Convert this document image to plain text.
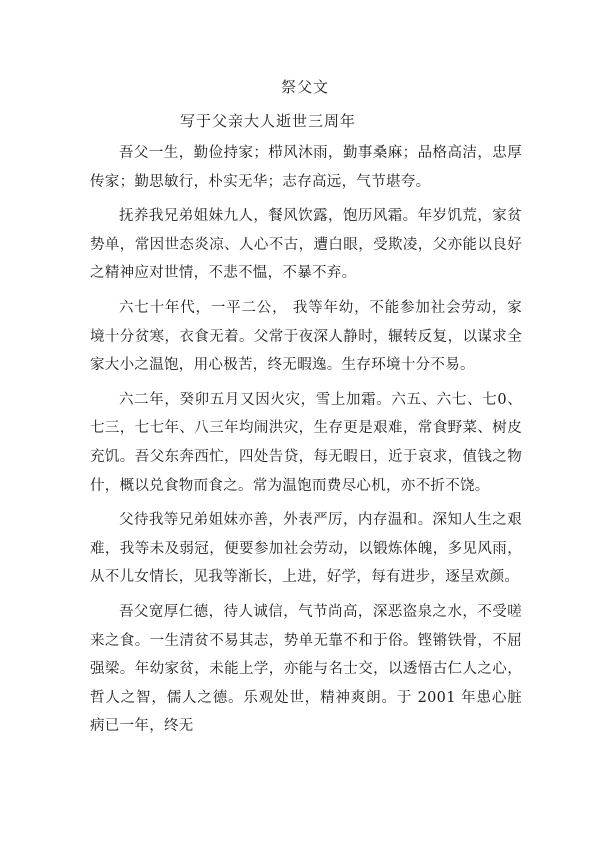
祭父文
写于父亲大人逝世三周年

吾父一生，勤俭持家；栉风沐雨，勤事桑麻；品格高洁，忠厚传家；勤思敏行，朴实无华；志存高远，气节堪夸。

抚养我兄弟姐妹九人，餐风饮露，饱历风霜。年岁饥荒，家贫势单，常因世态炎凉、人心不古，遭白眼，受欺凌，父亦能以良好之精神应对世情，不悲不愠，不暴不弃。

六七十年代，一平二公， 我等年幼，不能参加社会劳动，家境十分贫寒，衣食无着。父常于夜深人静时，辗转反复，以谋求全家大小之温饱，用心极苦，终无暇逸。生存环境十分不易。

六二年，癸卯五月又因火灾，雪上加霜。六五、六七、七0、七三，七七年、八三年均闹洪灾，生存更是艰难，常食野菜、树皮充饥。吾父东奔西忙，四处告贷，每无暇日，近于哀求，值钱之物什，概以兑食物而食之。常为温饱而费尽心机，亦不折不饶。

父待我等兄弟姐妹亦善，外表严厉，内存温和。深知人生之艰难，我等未及弱冠，便要参加社会劳动，以锻炼体魄，多见风雨，从不儿女情长，见我等渐长，上进，好学，每有进步，逐呈欢颜。

吾父宽厚仁德，待人诚信，气节尚高，深恶盗泉之水，不受嗟来之食。一生清贫不易其志，势单无靠不和于俗。铿锵铁骨，不屈强梁。年幼家贫，未能上学，亦能与名士交，以透悟古仁人之心，哲人之智，儒人之德。乐观处世，精神爽朗。于 2001 年患心脏病已一年，终无
